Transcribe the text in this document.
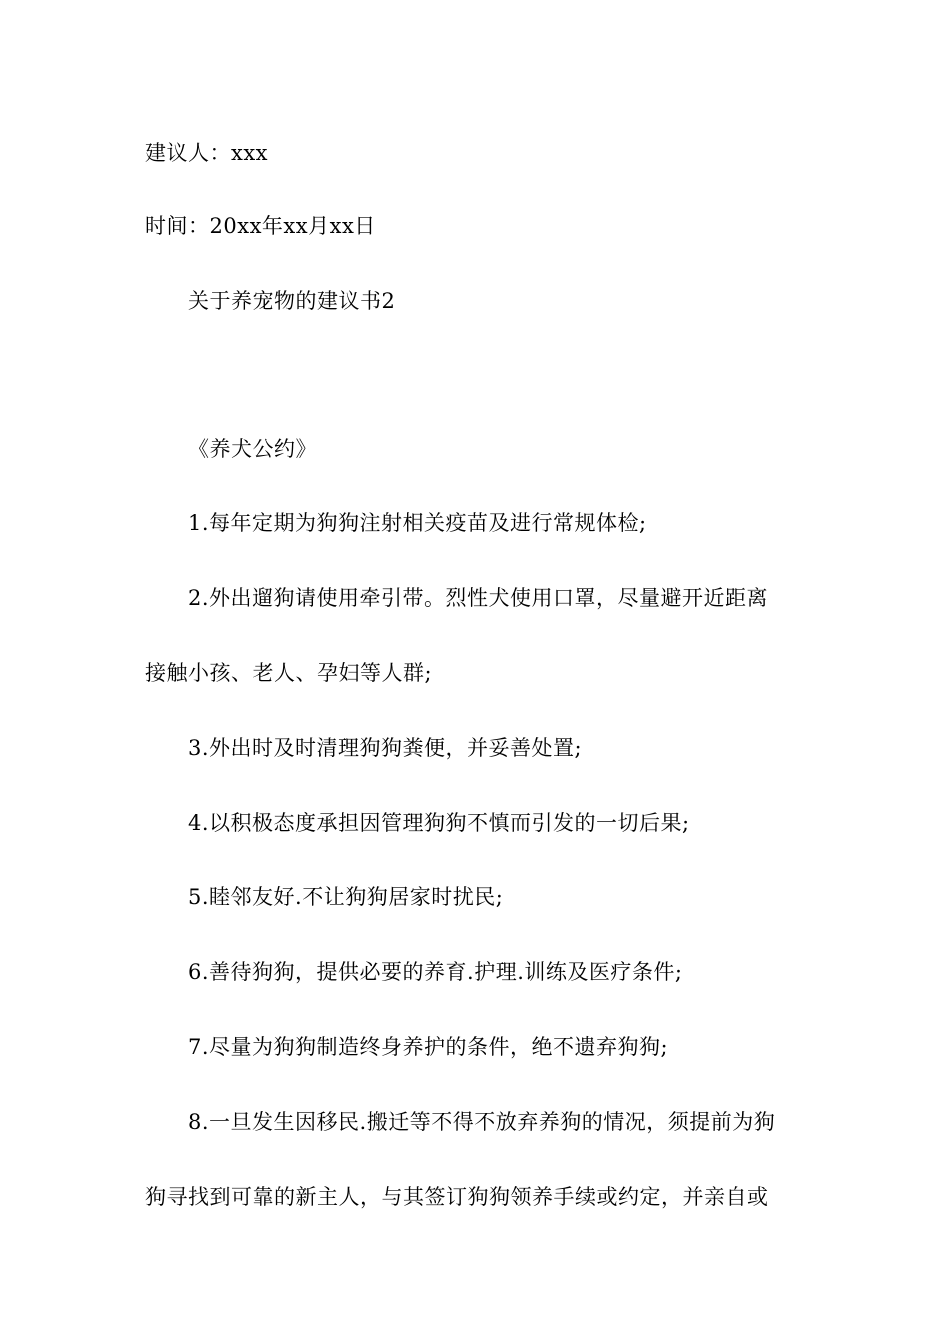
建议人：xxx
时间：20xx年xx月xx日
关于养宠物的建议书2
《养犬公约》
1.每年定期为狗狗注射相关疫苗及进行常规体检;
2.外出遛狗请使用牵引带。烈性犬使用口罩，尽量避开近距离
接触小孩、老人、孕妇等人群;
3.外出时及时清理狗狗粪便，并妥善处置;
4.以积极态度承担因管理狗狗不慎而引发的一切后果;
5.睦邻友好.不让狗狗居家时扰民;
6.善待狗狗，提供必要的养育.护理.训练及医疗条件;
7.尽量为狗狗制造终身养护的条件，绝不遗弃狗狗;
8.一旦发生因移民.搬迁等不得不放弃养狗的情况，须提前为狗
狗寻找到可靠的新主人，与其签订狗狗领养手续或约定，并亲自或
